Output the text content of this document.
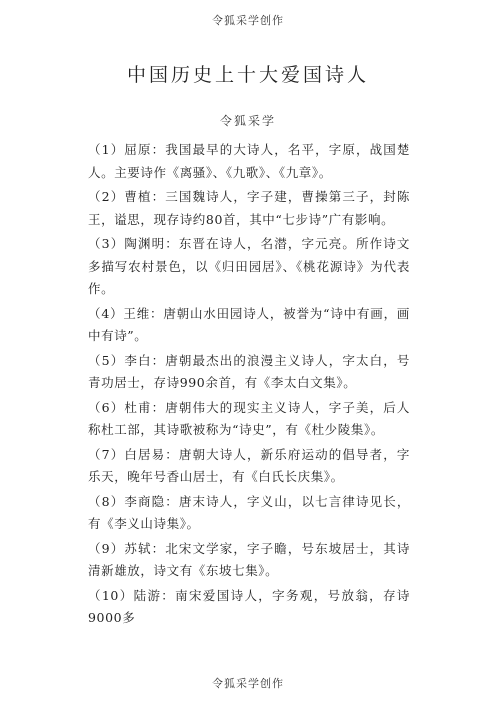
令狐采学创作
中国历史上十大爱国诗人
令狐采学
（1）屈原：我国最早的大诗人，名平，字原，战国楚人。主要诗作《离骚》、《九歌》、《九章》。
（2）曹植：三国魏诗人，字子建，曹操第三子，封陈王，谥思，现存诗约80首，其中“七步诗”广有影响。
（3）陶渊明：东晋在诗人，名潜，字元亮。所作诗文多描写农村景色，以《归田园居》、《桃花源诗》为代表作。
（4）王维：唐朝山水田园诗人，被誉为“诗中有画，画中有诗”。
（5）李白：唐朝最杰出的浪漫主义诗人，字太白，号青功居士，存诗990余首，有《李太白文集》。
（6）杜甫：唐朝伟大的现实主义诗人，字子美，后人称杜工部，其诗歌被称为“诗史”，有《杜少陵集》。
（7）白居易：唐朝大诗人，新乐府运动的倡导者，字乐天，晚年号香山居士，有《白氏长庆集》。
（8）李商隐：唐末诗人，字义山，以七言律诗见长，有《李义山诗集》。
（9）苏轼：北宋文学家，字子瞻，号东坡居士，其诗清新雄放，诗文有《东坡七集》。
（10）陆游：南宋爱国诗人，字务观，号放翁，存诗9000多
令狐采学创作
